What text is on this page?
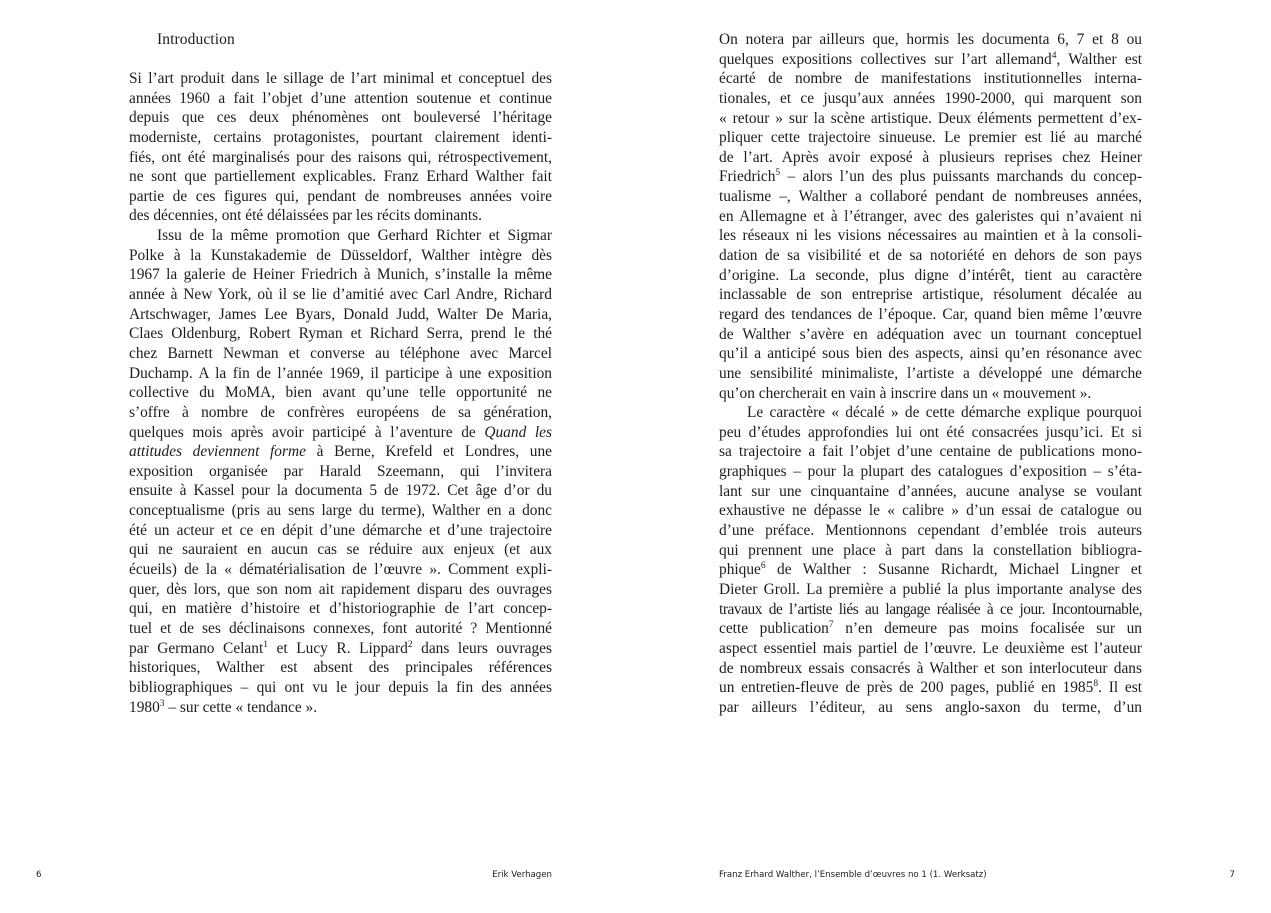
Introduction
Si l’art produit dans le sillage de l’art minimal et conceptuel des
années 1960 a fait l’objet d’une attention soutenue et continue
depuis que ces deux phénomènes ont bouleversé l’héritage
moderniste, certains protagonistes, pourtant clairement identi-
fiés, ont été marginalisés pour des raisons qui, rétrospectivement,
ne sont que partiellement explicables. Franz Erhard Walther fait
partie de ces figures qui, pendant de nombreuses années voire
des décennies, ont été délaissées par les récits dominants.
Issu de la même promotion que Gerhard Richter et Sigmar
Polke à la Kunstakademie de Düsseldorf, Walther intègre dès
1967 la galerie de Heiner Friedrich à Munich, s’installe la même
année à New York, où il se lie d’amitié avec Carl Andre, Richard
Artschwager, James Lee Byars, Donald Judd, Walter De Maria,
Claes Oldenburg, Robert Ryman et Richard Serra, prend le thé
chez Barnett Newman et converse au téléphone avec Marcel
Duchamp. A la fin de l’année 1969, il participe à une exposition
collective du MoMA, bien avant qu’une telle opportunité ne
s’offre à nombre de confrères européens de sa génération,
quelques mois après avoir participé à l’aventure de Quand les
attitudes deviennent forme à Berne, Krefeld et Londres, une
exposition organisée par Harald Szeemann, qui l’invitera
ensuite à Kassel pour la documenta 5 de 1972. Cet âge d’or du
conceptualisme (pris au sens large du terme), Walther en a donc
été un acteur et ce en dépit d’une démarche et d’une trajectoire
qui ne sauraient en aucun cas se réduire aux enjeux (et aux
écueils) de la « dématérialisation de l’œuvre ». Comment expli-
quer, dès lors, que son nom ait rapidement disparu des ouvrages
qui, en matière d’histoire et d’historiographie de l’art concep-
tuel et de ses déclinaisons connexes, font autorité ? Mentionné
par Germano Celant$^1$ et Lucy R. Lippard$^2$ dans leurs ouvrages
historiques, Walther est absent des principales références
bibliographiques – qui ont vu le jour depuis la fin des années
1980$^3$ – sur cette « tendance ».
6	Erik Verhagen
On notera par ailleurs que, hormis les documenta 6, 7 et 8 ou
quelques expositions collectives sur l’art allemand$^4$, Walther est
écarté de nombre de manifestations institutionnelles interna-
tionales, et ce jusqu’aux années 1990-2000, qui marquent son
« retour » sur la scène artistique. Deux éléments permettent d’ex-
pliquer cette trajectoire sinueuse. Le premier est lié au marché
de l’art. Après avoir exposé à plusieurs reprises chez Heiner
Friedrich$^5$ – alors l’un des plus puissants marchands du concep-
tualisme –, Walther a collaboré pendant de nombreuses années,
en Allemagne et à l’étranger, avec des galeristes qui n’avaient ni
les réseaux ni les visions nécessaires au maintien et à la consoli-
dation de sa visibilité et de sa notoriété en dehors de son pays
d’origine. La seconde, plus digne d’intérêt, tient au caractère
inclassable de son entreprise artistique, résolument décalée au
regard des tendances de l’époque. Car, quand bien même l’œuvre
de Walther s’avère en adéquation avec un tournant conceptuel
qu’il a anticipé sous bien des aspects, ainsi qu’en résonance avec
une sensibilité minimaliste, l’artiste a développé une démarche
qu’on chercherait en vain à inscrire dans un « mouvement ».
Le caractère « décalé » de cette démarche explique pourquoi
peu d’études approfondies lui ont été consacrées jusqu’ici. Et si
sa trajectoire a fait l’objet d’une centaine de publications mono-
graphiques – pour la plupart des catalogues d’exposition – s’éta-
lant sur une cinquantaine d’années, aucune analyse se voulant
exhaustive ne dépasse le « calibre » d’un essai de catalogue ou
d’une préface. Mentionnons cependant d’emblée trois auteurs
qui prennent une place à part dans la constellation bibliogra-
phique$^6$ de Walther : Susanne Richardt, Michael Lingner et
Dieter Groll. La première a publié la plus importante analyse des
travaux de l’artiste liés au langage réalisée à ce jour. Incontournable,
cette publication$^7$ n’en demeure pas moins focalisée sur un
aspect essentiel mais partiel de l’œuvre. Le deuxième est l’auteur
de nombreux essais consacrés à Walther et son interlocuteur dans
un entretien-fleuve de près de 200 pages, publié en 1985$^8$. Il est
par ailleurs l’éditeur, au sens anglo-saxon du terme, d’un
Franz Erhard Walther, l’Ensemble d’œuvres no 1 (1. Werksatz)	7
